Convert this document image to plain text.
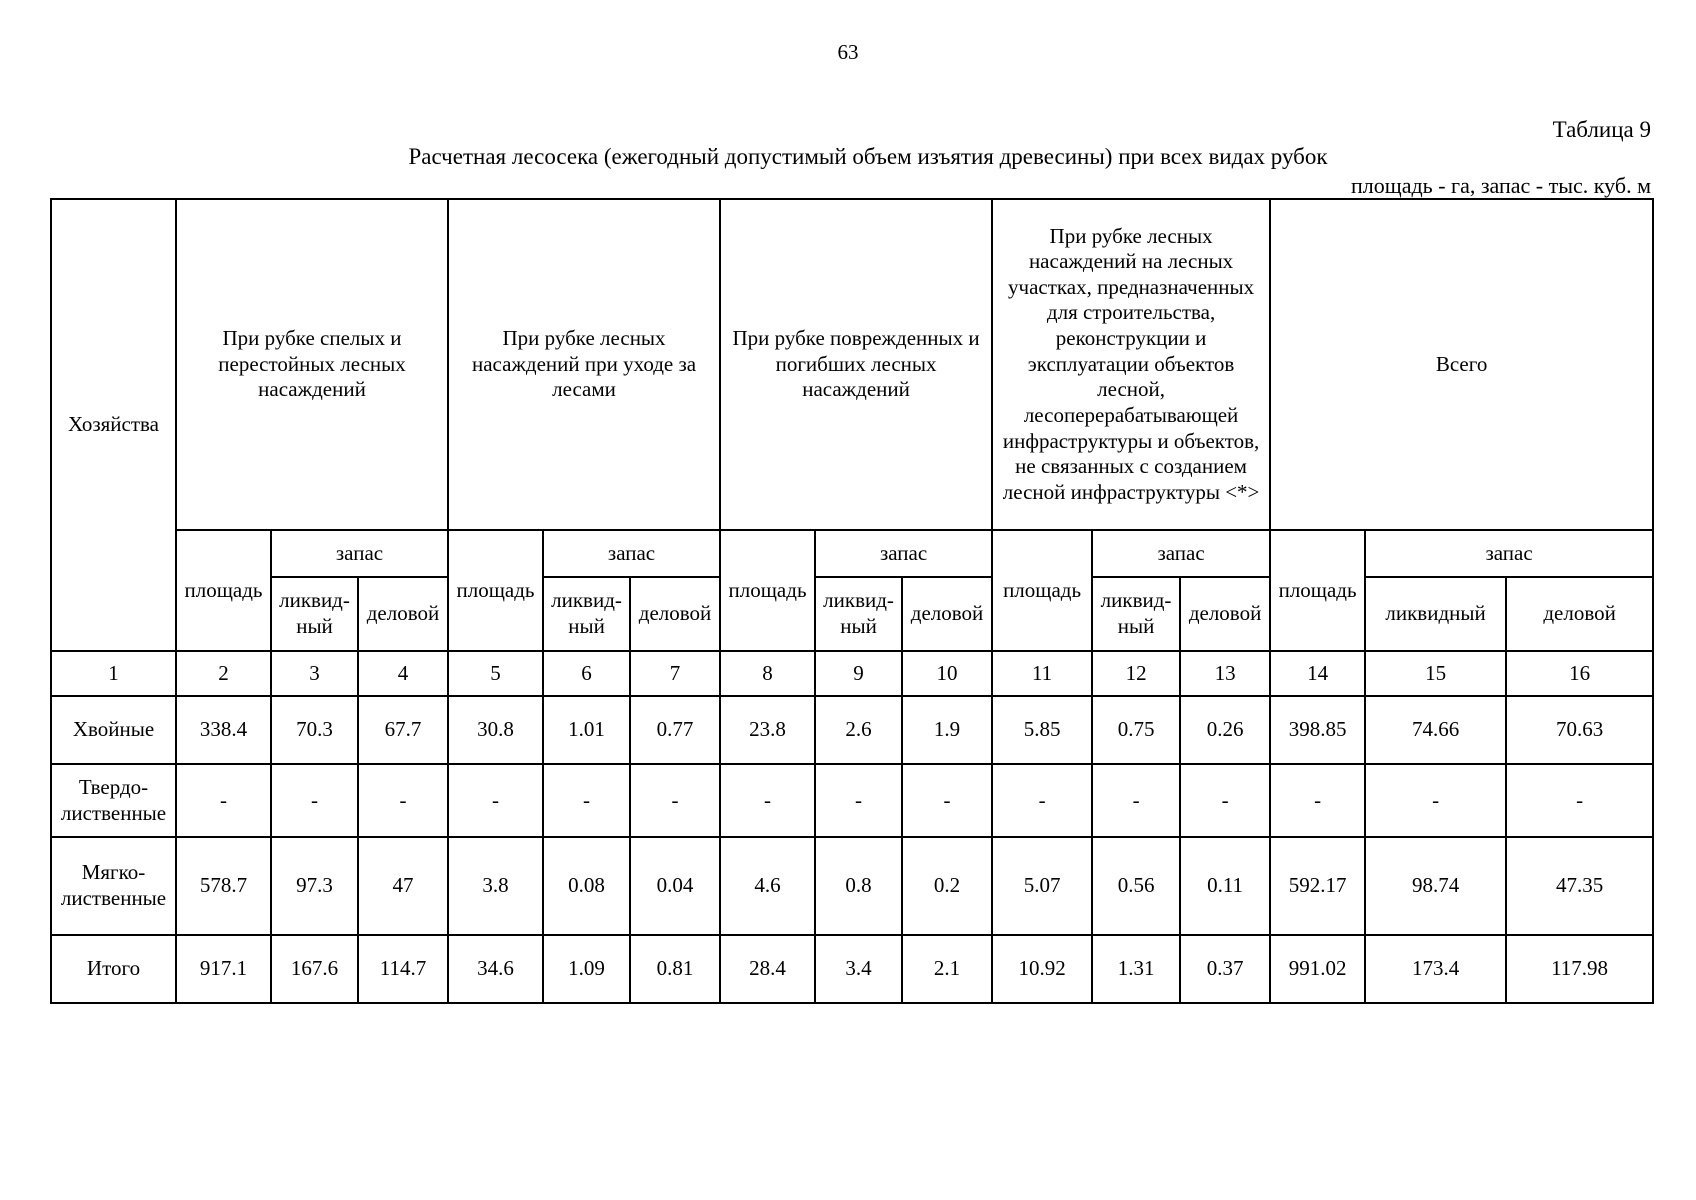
63
Таблица 9
Расчетная лесосека (ежегодный допустимый объем изъятия древесины) при всех видах рубок
площадь - га, запас - тыс. куб. м
Хозяйства	При рубке спелых и перестойных лесных насаждений			При рубке лесных насаждений при уходе за лесами			При рубке поврежденных и погибших лесных насаждений			При рубке лесных насаждений на лесных участках, предназначенных для строительства, реконструкции и эксплуатации объектов лесной, лесоперерабатывающей инфраструктуры и объектов, не связанных с созданием лесной инфраструктуры <*>			Всего		
	площадь	запас		площадь	запас		площадь	запас		площадь	запас		площадь	запас	
		ликвид-ный	деловой		ликвид-ный	деловой		ликвид-ный	деловой		ликвид-ный	деловой		ликвидный	деловой
1	2	3	4	5	6	7	8	9	10	11	12	13	14	15	16
Хвойные	338.4	70.3	67.7	30.8	1.01	0.77	23.8	2.6	1.9	5.85	0.75	0.26	398.85	74.66	70.63
Твердо-лиственные	-	-	-	-	-	-	-	-	-	-	-	-	-	-	-
Мягко-лиственные	578.7	97.3	47	3.8	0.08	0.04	4.6	0.8	0.2	5.07	0.56	0.11	592.17	98.74	47.35
Итого	917.1	167.6	114.7	34.6	1.09	0.81	28.4	3.4	2.1	10.92	1.31	0.37	991.02	173.4	117.98
